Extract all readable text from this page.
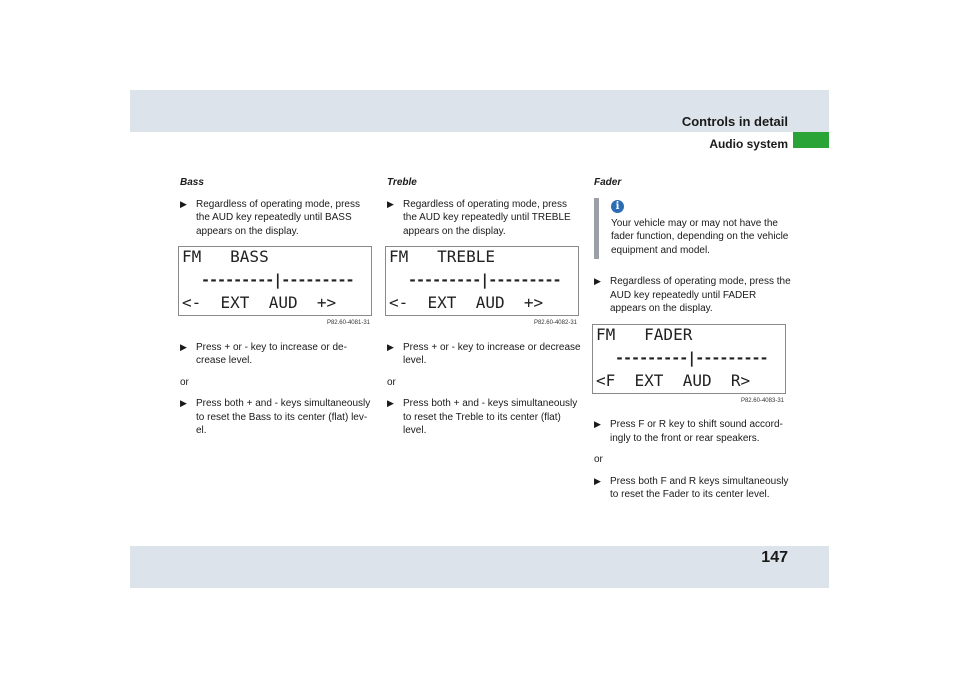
Controls in detail
Audio system
147
Bass
▶ Regardless of operating mode, press the AUD key repeatedly until BASS appears on the display.
FM   BASS
---------|---------
<-  EXT  AUD  +>
P82.60-4081-31
▶ Press + or - key to increase or de-crease level.
or
▶ Press both + and - keys simultaneously to reset the Bass to its center (flat) lev-el.
Treble
▶ Regardless of operating mode, press the AUD key repeatedly until TREBLE appears on the display.
FM   TREBLE
---------|---------
<-  EXT  AUD  +>
P82.60-4082-31
▶ Press + or - key to increase or decrease level.
or
▶ Press both + and - keys simultaneously to reset the Treble to its center (flat) level.
Fader
i
Your vehicle may or may not have the fader function, depending on the vehicle equipment and model.
▶ Regardless of operating mode, press the AUD key repeatedly until FADER appears on the display.
FM   FADER
---------|---------
<F  EXT  AUD  R>
P82.60-4083-31
▶ Press F or R key to shift sound accord-ingly to the front or rear speakers.
or
▶ Press both F and R keys simultaneously to reset the Fader to its center level.
